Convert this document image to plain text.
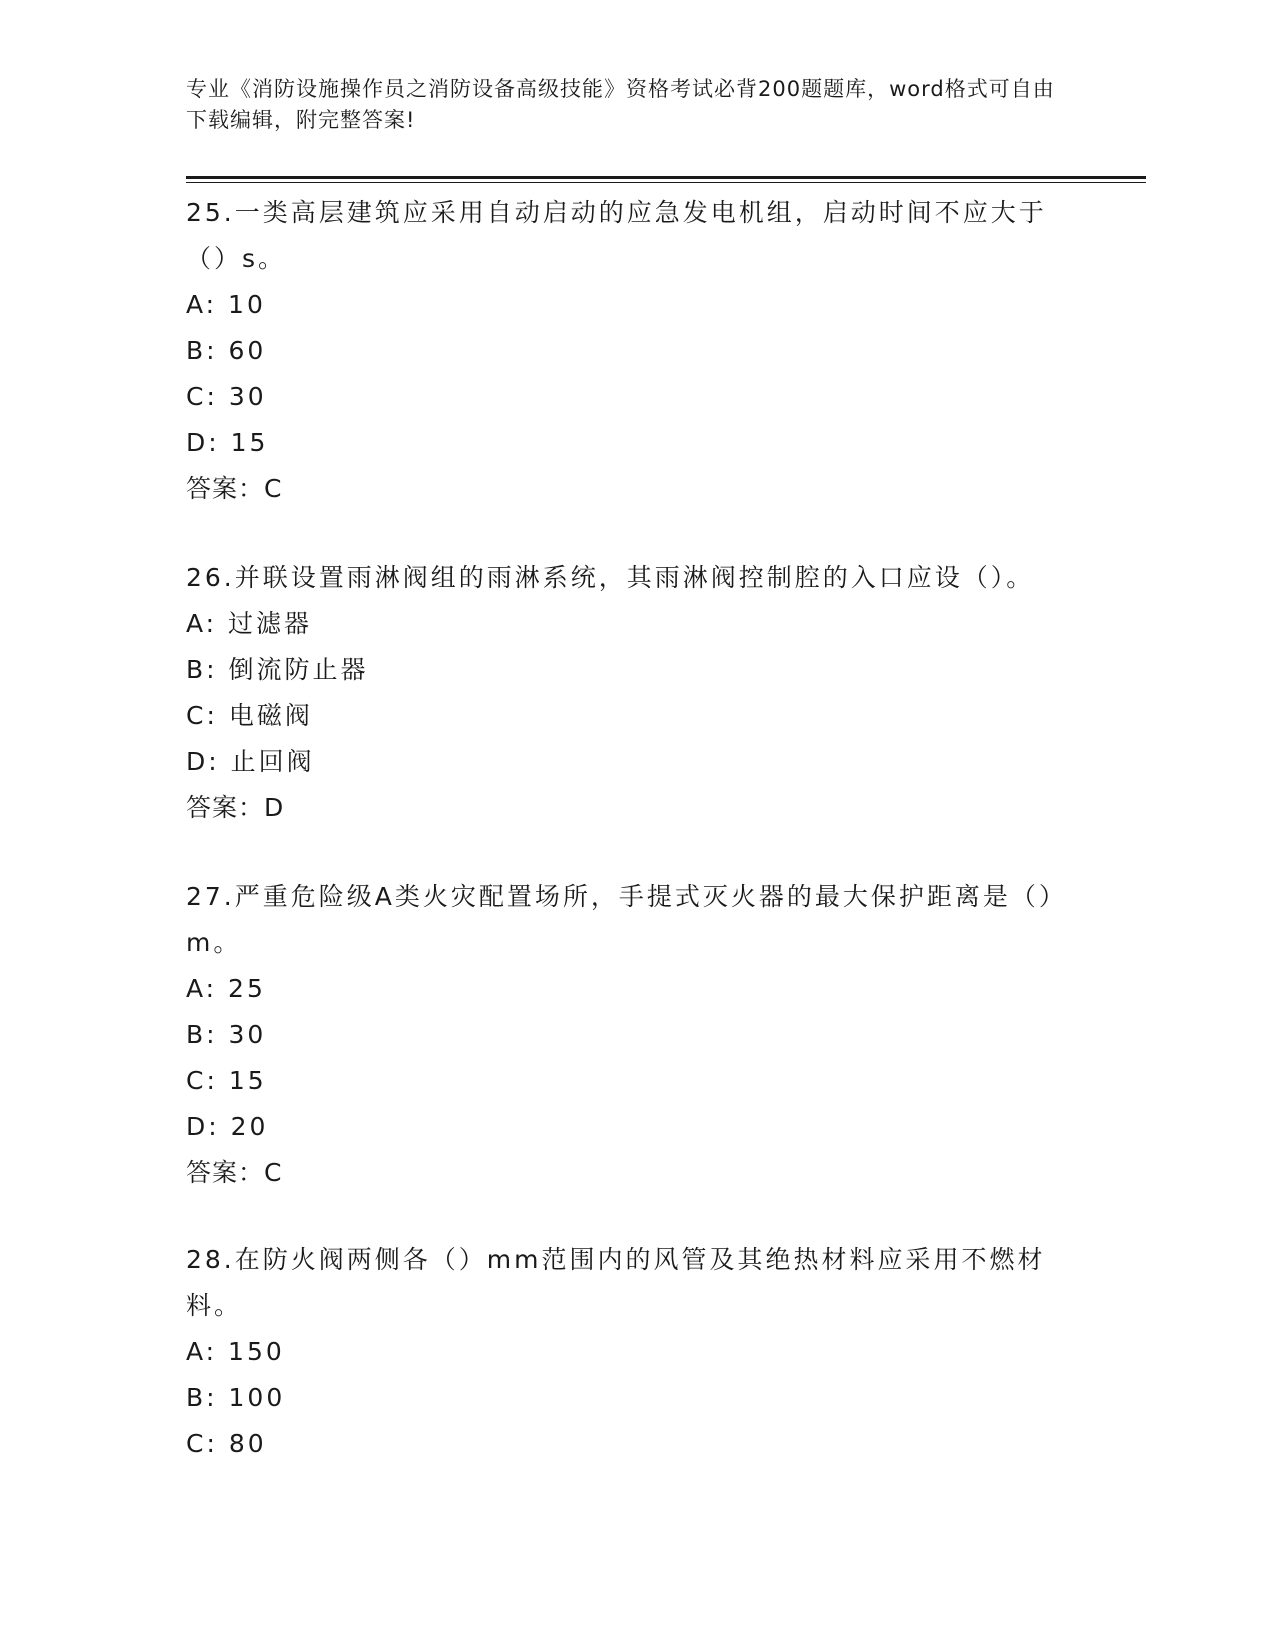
专业《消防设施操作员之消防设备高级技能》资格考试必背200题题库，word格式可自由下载编辑，附完整答案!
25.一类高层建筑应采用自动启动的应急发电机组，启动时间不应大于（）s。
A: 10
B: 60
C: 30
D: 15
答案：C
26.并联设置雨淋阀组的雨淋系统，其雨淋阀控制腔的入口应设（）。
A: 过滤器
B: 倒流防止器
C: 电磁阀
D: 止回阀
答案：D
27.严重危险级A类火灾配置场所，手提式灭火器的最大保护距离是（）m。
A: 25
B: 30
C: 15
D: 20
答案：C
28.在防火阀两侧各（）mm范围内的风管及其绝热材料应采用不燃材料。
A: 150
B: 100
C: 80
